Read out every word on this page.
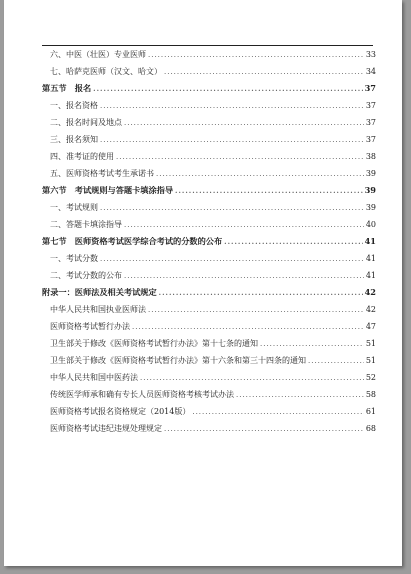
六、中医（壮医）专业医师 .....	33
七、哈萨克医师（汉文、哈文） .....	34
第五节　报名 .....	37
一、报名资格 .....	37
二、报名时间及地点 .....	37
三、报名须知 .....	37
四、准考证的使用 .....	38
五、医师资格考试考生承诺书 .....	39
第六节　考试规则与答题卡填涂指导 .....	39
一、考试规则 .....	39
二、答题卡填涂指导 .....	40
第七节　医师资格考试医学综合考试的分数的公布 .....	41
一、考试分数 .....	41
二、考试分数的公布 .....	41
附录一：医师法及相关考试规定 .....	42
中华人民共和国执业医师法 .....	42
医师资格考试暂行办法 .....	47
卫生部关于修改《医师资格考试暂行办法》第十七条的通知 .....	51
卫生部关于修改《医师资格考试暂行办法》第十六条和第三十四条的通知 .....	51
中华人民共和国中医药法 .....	52
传统医学师承和确有专长人员医师资格考核考试办法 .....	58
医师资格考试报名资格规定（2014版） .....	61
医师资格考试违纪违规处理规定 .....	68
